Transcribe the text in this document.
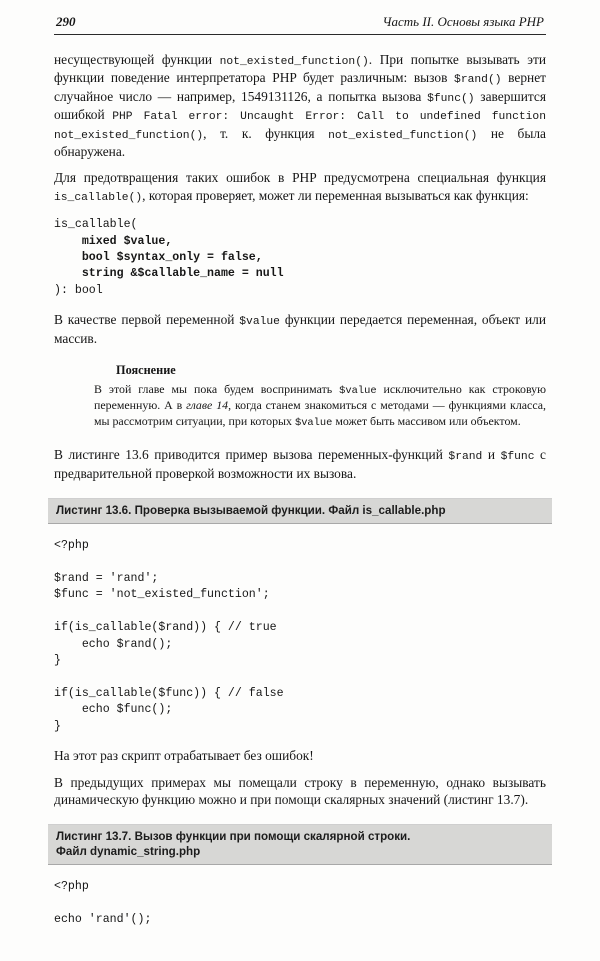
290	Часть II. Основы языка PHP

несуществующей функции not_existed_function(). При попытке вызывать эти функции поведение интерпретатора PHP будет различным: вызов $rand() вернет случайное число — например, 1549131126, а попытка вызова $func() завершится ошибкой PHP Fatal error: Uncaught Error: Call to undefined function not_existed_function(), т. к. функция not_existed_function() не была обнаружена.

Для предотвращения таких ошибок в PHP предусмотрена специальная функция is_callable(), которая проверяет, может ли переменная вызываться как функция:

is_callable(
mixed $value,
bool $syntax_only = false,
string &$callable_name = null
): bool

В качестве первой переменной $value функции передается переменная, объект или массив.

Пояснение
В этой главе мы пока будем воспринимать $value исключительно как строковую переменную. А в главе 14, когда станем знакомиться с методами — функциями класса, мы рассмотрим ситуации, при которых $value может быть массивом или объектом.

В листинге 13.6 приводится пример вызова переменных-функций $rand и $func с предварительной проверкой возможности их вызова.

Листинг 13.6. Проверка вызываемой функции. Файл is_callable.php
<?php

$rand = 'rand';
$func = 'not_existed_function';

if(is_callable($rand)) { // true
echo $rand();
}

if(is_callable($func)) { // false
echo $func();
}

На этот раз скрипт отрабатывает без ошибок!

В предыдущих примерах мы помещали строку в переменную, однако вызывать динамическую функцию можно и при помощи скалярных значений (листинг 13.7).

Листинг 13.7. Вызов функции при помощи скалярной строки.
Файл dynamic_string.php
<?php

echo 'rand'();
